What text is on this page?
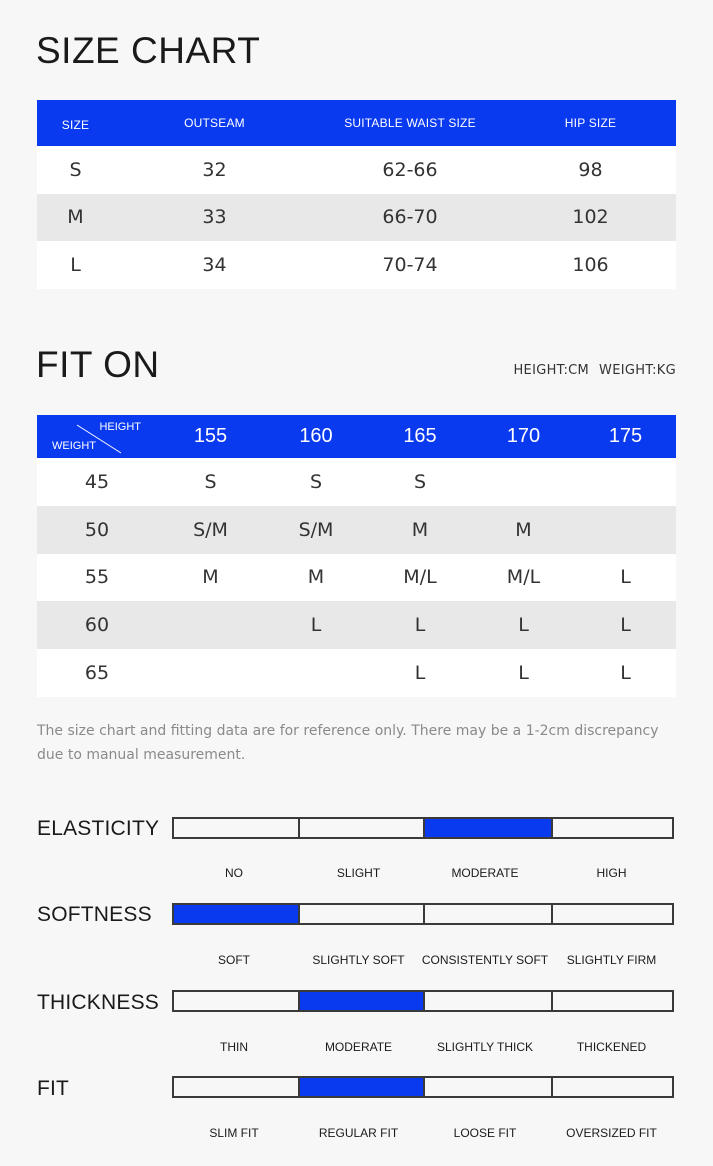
SIZE CHART
SIZE	OUTSEAM	SUITABLE WAIST SIZE	HIP SIZE
S	32	62-66	98
M	33	66-70	102
L	34	70-74	106
FIT ON	HEIGHT:CM WEIGHT:KG
HEIGHT
WEIGHT	155	160	165	170	175
45	S	S	S		
50	S/M	S/M	M	M	
55	M	M	M/L	M/L	L
60		L	L	L	L
65			L	L	L

The size chart and fitting data are for reference only. There may be a 1-2cm discrepancy due to manual measurement.

ELASTICITY
NO	SLIGHT	MODERATE	HIGH
SOFTNESS
SOFT	SLIGHTLY SOFT	CONSISTENTLY SOFT	SLIGHTLY FIRM
THICKNESS
THIN	MODERATE	SLIGHTLY THICK	THICKENED
FIT
SLIM FIT	REGULAR FIT	LOOSE FIT	OVERSIZED FIT
